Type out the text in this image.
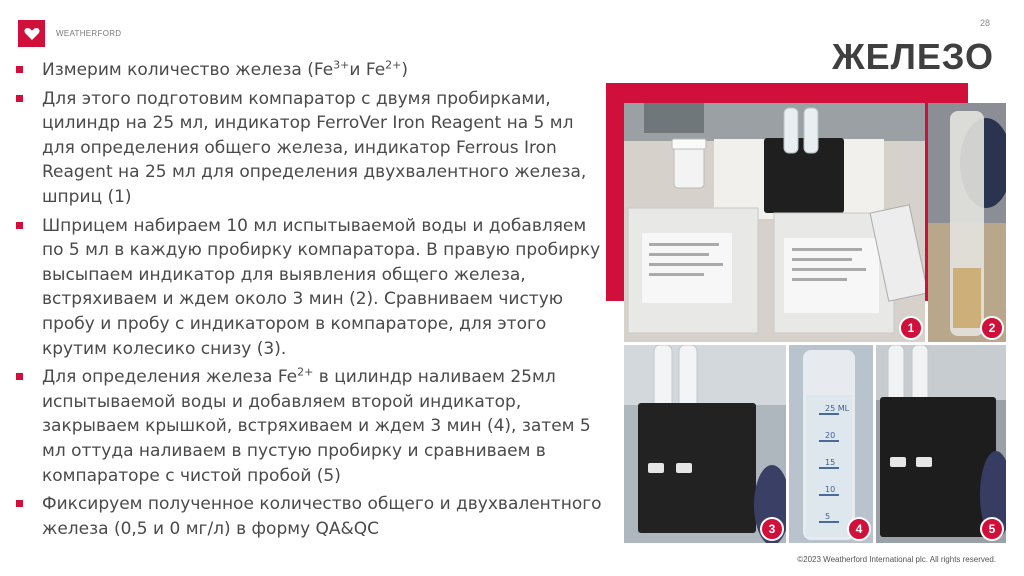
WEATHERFORD
28
ЖЕЛЕЗО
Измерим количество железа ($Fe^{3+}и$ $Fe^{2+}$)
Для этого подготовим компаратор с двумя пробирками, цилиндр на 25 мл, индикатор FerroVer Iron Reagent на 5 мл для определения общего железа, индикатор Ferrous Iron Reagent на 25 мл для определения двухвалентного железа, шприц (1)
Шприцем набираем 10 мл испытываемой воды и добавляем по 5 мл в каждую пробирку компаратора. В правую пробирку высыпаем индикатор для выявления общего железа, встряхиваем и ждем около 3 мин (2). Сравниваем чистую пробу и пробу с индикатором в компараторе, для этого крутим колесико снизу (3).
Для определения железа $Fe^{2+}$ в цилиндр наливаем 25мл испытываемой воды и добавляем второй индикатор, закрываем крышкой, встряхиваем и ждем 3 мин (4), затем 5 мл оттуда наливаем в пустую пробирку и сравниваем в компараторе с чистой пробой (5)
Фиксируем полученное количество общего и двухвалентного железа (0,5 и 0 мг/л) в форму QA&QC
1	2
3
25 ML
20
15
10
5
4	5
©2023 Weatherford International plc. All rights reserved.
